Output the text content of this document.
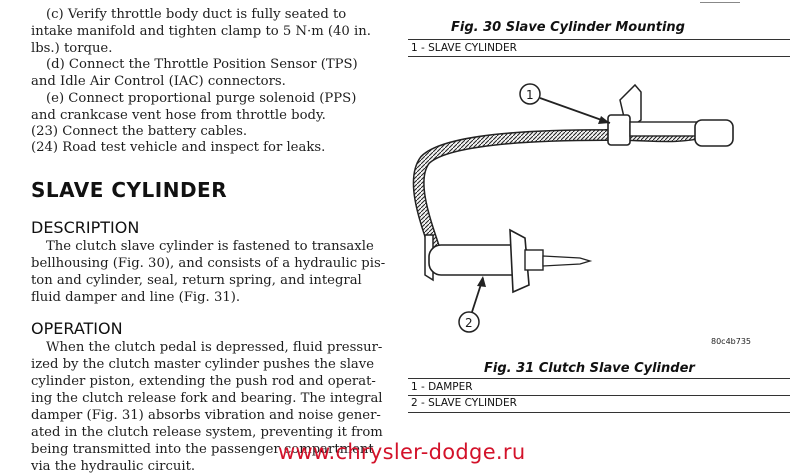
(c) Verify throttle body duct is fully seated to
intake manifold and tighten clamp to 5 N·m (40 in.
lbs.) torque.
(d) Connect the Throttle Position Sensor (TPS)
and Idle Air Control (IAC) connectors.
(e) Connect proportional purge solenoid (PPS)
and crankcase vent hose from throttle body.
(23) Connect the battery cables.
(24) Road test vehicle and inspect for leaks.
SLAVE CYLINDER
DESCRIPTION
The clutch slave cylinder is fastened to transaxle
bellhousing (Fig. 30), and consists of a hydraulic pis-
ton and cylinder, seal, return spring, and integral
fluid damper and line (Fig. 31).
OPERATION
When the clutch pedal is depressed, fluid pressur-
ized by the clutch master cylinder pushes the slave
cylinder piston, extending the push rod and operat-
ing the clutch release fork and bearing. The integral
damper (Fig. 31) absorbs vibration and noise gener-
ated in the clutch release system, preventing it from
being transmitted into the passenger compartment
via the hydraulic circuit.
Fig. 30 Slave Cylinder Mounting
1 - SLAVE CYLINDER
1
2
80c4b735
Fig. 31 Clutch Slave Cylinder
1 - DAMPER
2 - SLAVE CYLINDER
www.chrysler-dodge.ru
